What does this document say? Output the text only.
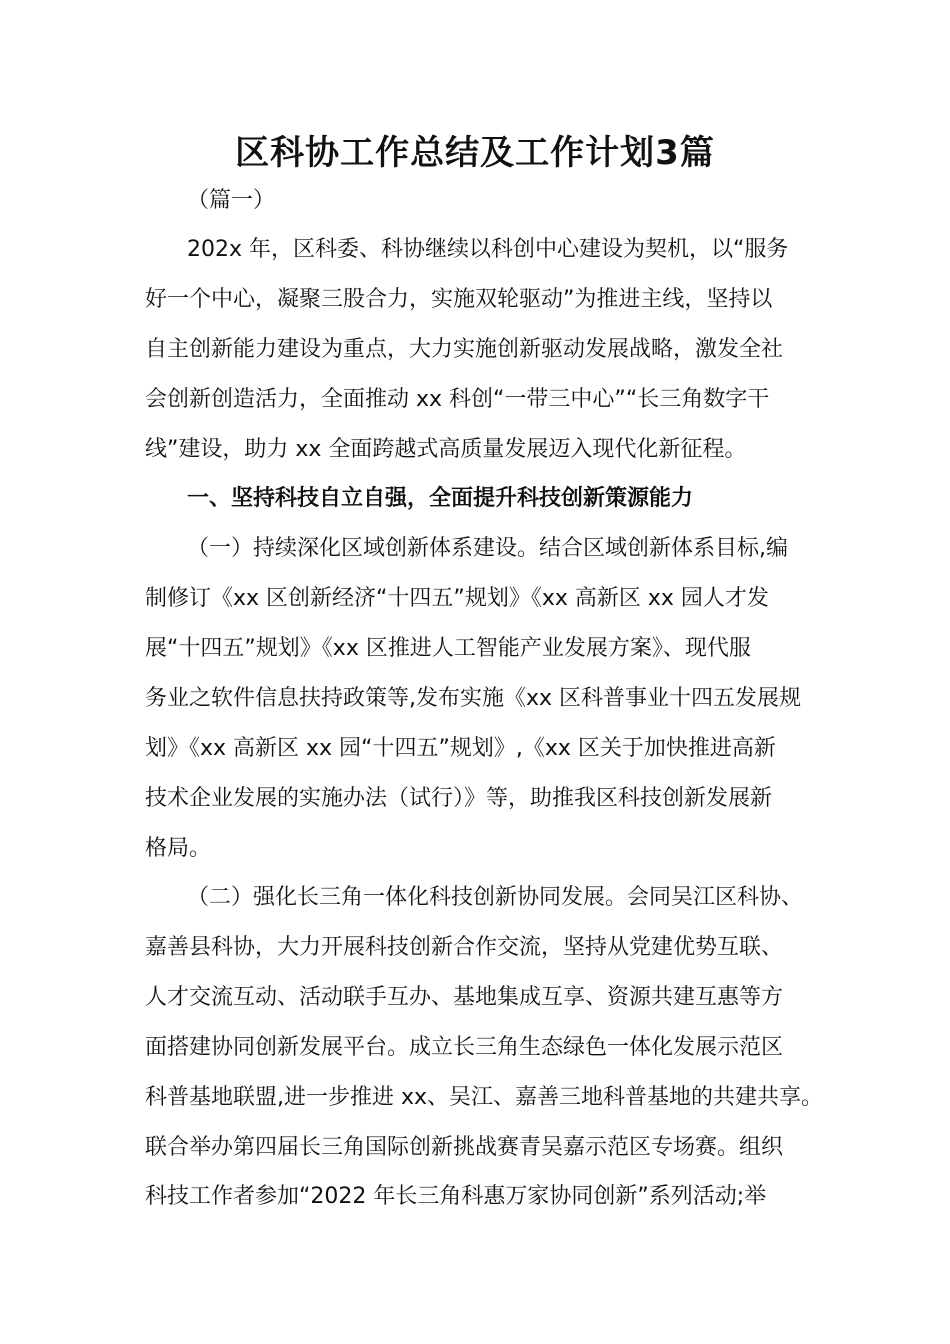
区科协工作总结及工作计划3篇
（篇一）
202x 年，区科委、科协继续以科创中心建设为契机，以“服务
好一个中心，凝聚三股合力，实施双轮驱动”为推进主线，坚持以
自主创新能力建设为重点，大力实施创新驱动发展战略，激发全社
会创新创造活力，全面推动 xx 科创“一带三中心”“长三角数字干
线”建设，助力 xx 全面跨越式高质量发展迈入现代化新征程。
一、坚持科技自立自强，全面提升科技创新策源能力
（一）持续深化区域创新体系建设。结合区域创新体系目标,编
制修订《xx 区创新经济“十四五”规划》《xx 高新区 xx 园人才发
展“十四五”规划》《xx 区推进人工智能产业发展方案》、现代服
务业之软件信息扶持政策等,发布实施《xx 区科普事业十四五发展规
划》《xx 高新区 xx 园“十四五”规划》,《xx 区关于加快推进高新
技术企业发展的实施办法（试行）》等，助推我区科技创新发展新
格局。
（二）强化长三角一体化科技创新协同发展。会同吴江区科协、
嘉善县科协，大力开展科技创新合作交流，坚持从党建优势互联、
人才交流互动、活动联手互办、基地集成互享、资源共建互惠等方
面搭建协同创新发展平台。成立长三角生态绿色一体化发展示范区
科普基地联盟,进一步推进 xx、吴江、嘉善三地科普基地的共建共享。
联合举办第四届长三角国际创新挑战赛青吴嘉示范区专场赛。组织
科技工作者参加“2022 年长三角科惠万家协同创新”系列活动;举
